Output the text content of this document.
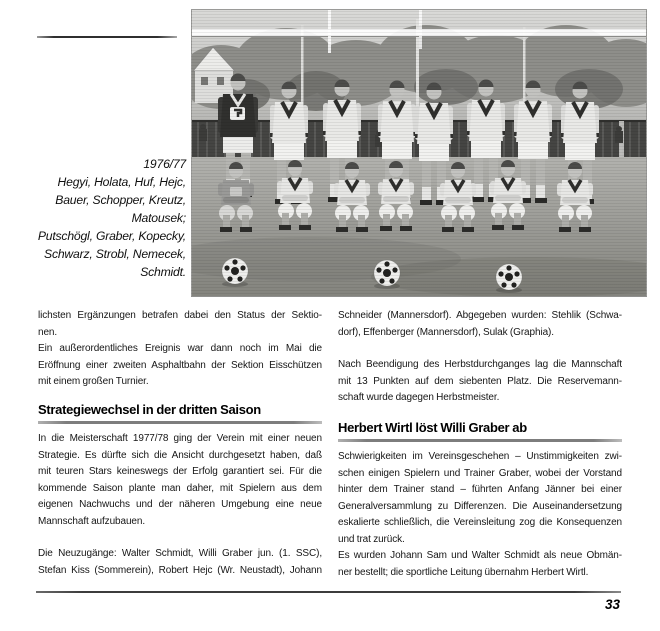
1976/77
Hegyi, Holata, Huf, Hejc,
Bauer, Schopper, Kreutz,
Matousek;
Putschögl, Graber, Kopecky,
Schwarz, Strobl, Nemecek,
Schmidt.
lichsten Ergänzungen betrafen dabei den Status der Sektio-
nen.
Ein außerordentliches Ereignis war dann noch im Mai die
Eröffnung einer zweiten Asphaltbahn der Sektion Eisschützen
mit einem großen Turnier.
Strategiewechsel in der dritten Saison
In die Meisterschaft 1977/78 ging der Verein mit einer neuen
Strategie. Es dürfte sich die Ansicht durchgesetzt haben, daß
mit teuren Stars keineswegs der Erfolg garantiert sei. Für die
kommende Saison plante man daher, mit Spielern aus dem
eigenen Nachwuchs und der näheren Umgebung eine neue
Mannschaft aufzubauen.
Die Neuzugänge: Walter Schmidt, Willi Graber jun. (1. SSC),
Stefan Kiss (Sommerein), Robert Hejc (Wr. Neustadt), Johann
Schneider (Mannersdorf). Abgegeben wurden: Stehlik (Schwa-
dorf), Effenberger (Mannersdorf), Sulak (Graphia).
Nach Beendigung des Herbstdurchganges lag die Mannschaft
mit 13 Punkten auf dem siebenten Platz. Die Reservemann-
schaft wurde dagegen Herbstmeister.
Herbert Wirtl löst Willi Graber ab
Schwierigkeiten im Vereinsgeschehen – Unstimmigkeiten zwi-
schen einigen Spielern und Trainer Graber, wobei der Vorstand
hinter dem Trainer stand – führten Anfang Jänner bei einer
Generalversammlung zu Differenzen. Die Auseinandersetzung
eskalierte schließlich, die Vereinsleitung zog die Konsequenzen
und trat zurück.
Es wurden Johann Sam und Walter Schmidt als neue Obmän-
ner bestellt; die sportliche Leitung übernahm Herbert Wirtl.
33
